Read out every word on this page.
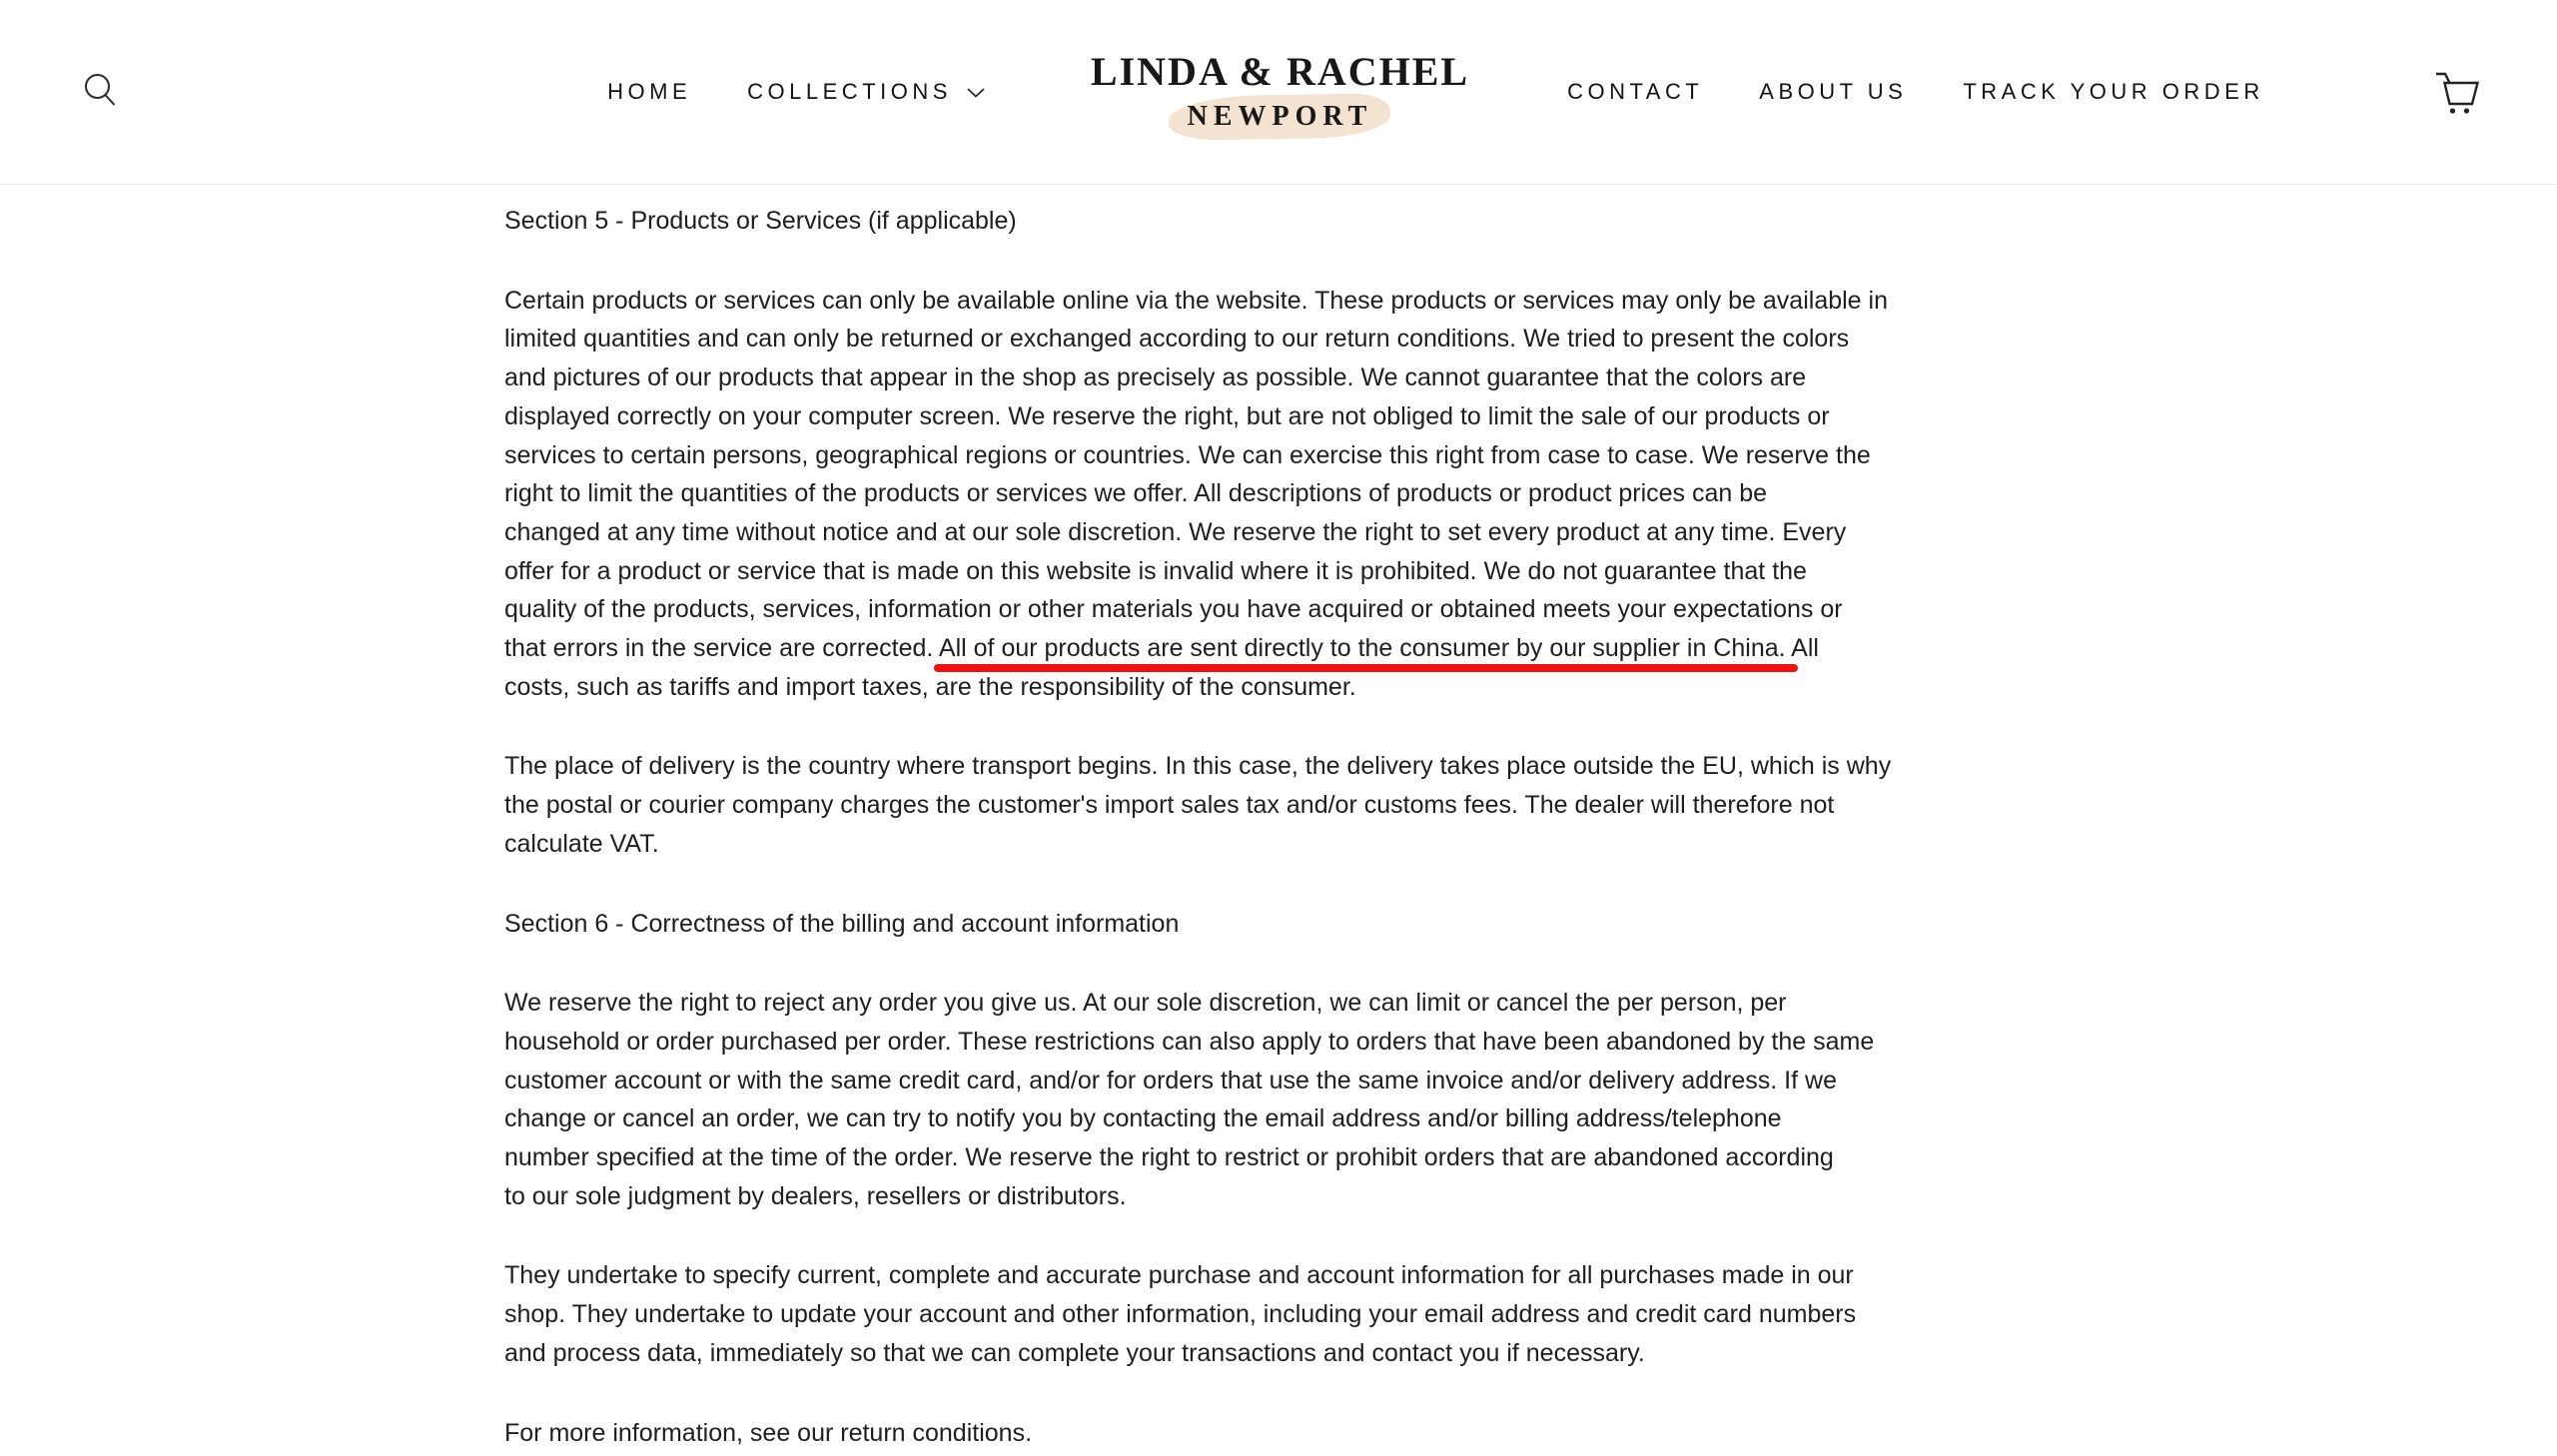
HOME	COLLECTIONS	LINDA & RACHEL
NEWPORT
CONTACT	ABOUT US	TRACK YOUR ORDER
Section 5 - Products or Services (if applicable)
Certain products or services can only be available online via the website. These products or services may only be available in
limited quantities and can only be returned or exchanged according to our return conditions. We tried to present the colors
and pictures of our products that appear in the shop as precisely as possible. We cannot guarantee that the colors are
displayed correctly on your computer screen. We reserve the right, but are not obliged to limit the sale of our products or
services to certain persons, geographical regions or countries. We can exercise this right from case to case. We reserve the
right to limit the quantities of the products or services we offer. All descriptions of products or product prices can be
changed at any time without notice and at our sole discretion. We reserve the right to set every product at any time. Every
offer for a product or service that is made on this website is invalid where it is prohibited. We do not guarantee that the
quality of the products, services, information or other materials you have acquired or obtained meets your expectations or
that errors in the service are corrected. All of our products are sent directly to the consumer by our supplier in China. All
costs, such as tariffs and import taxes, are the responsibility of the consumer.
The place of delivery is the country where transport begins. In this case, the delivery takes place outside the EU, which is why
the postal or courier company charges the customer's import sales tax and/or customs fees. The dealer will therefore not
calculate VAT.
Section 6 - Correctness of the billing and account information
We reserve the right to reject any order you give us. At our sole discretion, we can limit or cancel the per person, per
household or order purchased per order. These restrictions can also apply to orders that have been abandoned by the same
customer account or with the same credit card, and/or for orders that use the same invoice and/or delivery address. If we
change or cancel an order, we can try to notify you by contacting the email address and/or billing address/telephone
number specified at the time of the order. We reserve the right to restrict or prohibit orders that are abandoned according
to our sole judgment by dealers, resellers or distributors.
They undertake to specify current, complete and accurate purchase and account information for all purchases made in our
shop. They undertake to update your account and other information, including your email address and credit card numbers
and process data, immediately so that we can complete your transactions and contact you if necessary.
For more information, see our return conditions.
